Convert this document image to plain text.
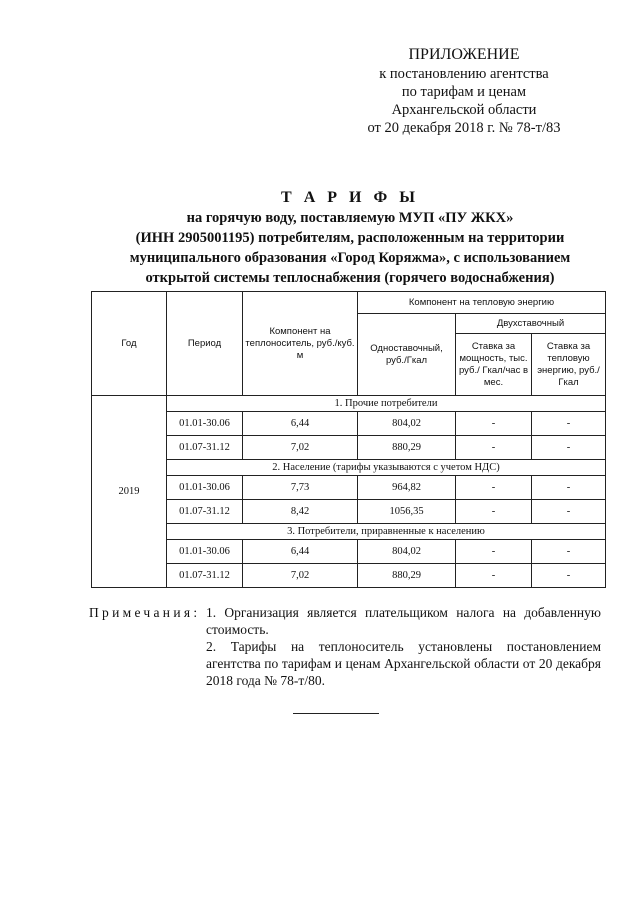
ПРИЛОЖЕНИЕ
к постановлению агентства
по тарифам и ценам
Архангельской области
от 20 декабря 2018 г. № 78-т/83
Т А Р И Ф Ы
на горячую воду, поставляемую МУП «ПУ ЖКХ»
(ИНН 2905001195) потребителям, расположенным на территории
муниципального образования «Город Коряжма», с использованием
открытой системы теплоснабжения (горячего водоснабжения)
Год	Период	Компонент на теплоноситель, руб./куб. м	Компонент на тепловую энергию		
			Одноставочный, руб./Гкал	Двухставочный	
				Ставка за мощность, тыс. руб./ Гкал/час в мес.	Ставка за тепловую энергию, руб./Гкал
2019	1. Прочие потребители				
	01.01-30.06	6,44	804,02	-	-
	01.07-31.12	7,02	880,29	-	-
	2. Население (тарифы указываются с учетом НДС)				
	01.01-30.06	7,73	964,82	-	-
	01.07-31.12	8,42	1056,35	-	-
	3. Потребители, приравненные к населению				
	01.01-30.06	6,44	804,02	-	-
	01.07-31.12	7,02	880,29	-	-
Примечания: 1. Организация является плательщиком налога на добавленную стоимость.
2. Тарифы на теплоноситель установлены постановлением агентства по тарифам и ценам Архангельской области от 20 декабря 2018 года № 78-т/80.
